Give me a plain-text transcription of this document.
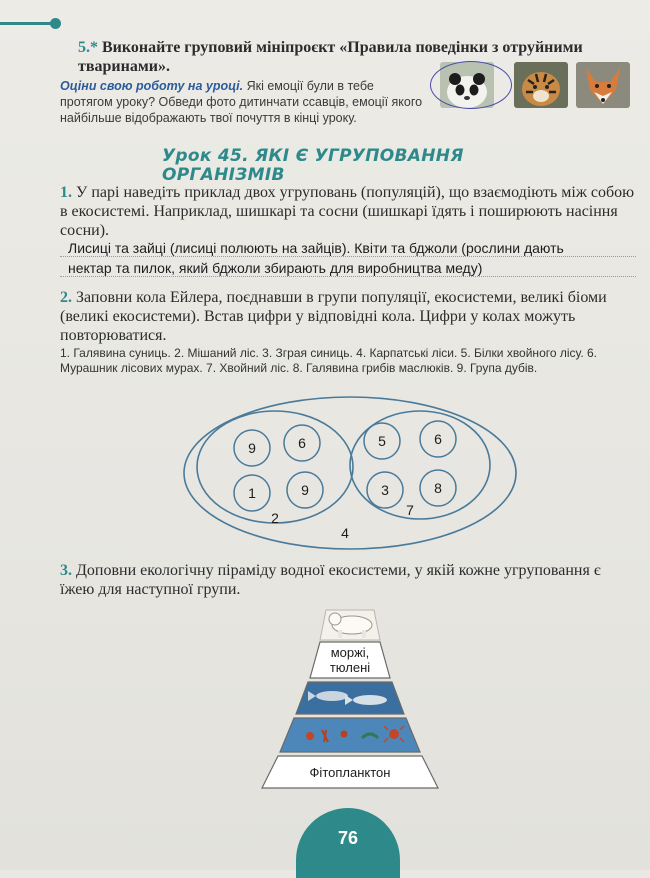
5.* Виконайте груповий мініпроєкт «Правила поведінки з отруйними тваринами».

Оціни свою роботу на уроці. Які емоції були в тебе протягом уроку? Обведи фото дитинчати ссавців, емоції якого найбільше відображають твої почуття в кінці уроку.

Урок 45. ЯКІ Є УГРУПОВАННЯ ОРГАНІЗМІВ

1. У парі наведіть приклад двох угруповань (популяцій), що взаємодіють між собою в екосистемі. Наприклад, шишкарі та сосни (шишкарі їдять і поширюють насіння сосни).

Лисиці та зайці (лисиці полюють на зайців). Квіти та бджоли (рослини дають
нектар та пилок, який бджоли збирають для виробництва меду)

2. Заповни кола Ейлера, поєднавши в групи популяції, екосистеми, великі біоми (великі екосистеми). Встав цифри у відповідні кола. Цифри у колах можуть повторюватися.

1. Галявина суниць. 2. Мішаний ліс. 3. Зграя синиць. 4. Карпатські ліси. 5. Білки хвойного лісу. 6. Мурашник лісових мурах. 7. Хвойний ліс. 8. Галявина грибів маслюків. 9. Група дубів.

9	6
1	9
2
5	6
3	8
7
4

3. Доповни екологічну піраміду водної екосистеми, у якій кожне угруповання є їжею для наступної групи.

моржі,
тюлені
Фітопланктон
76
